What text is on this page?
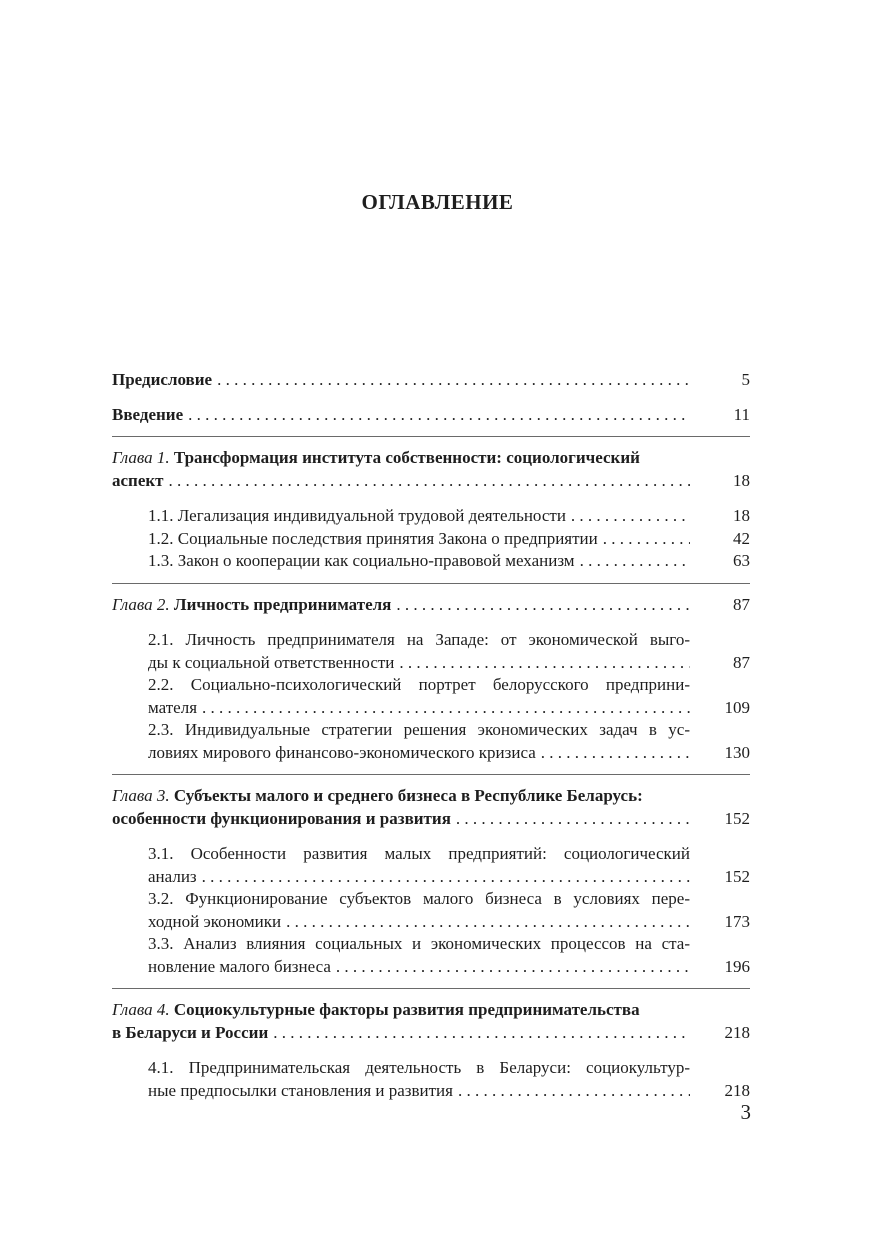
ОГЛАВЛЕНИЕ
Предисловие . . .	5
Введение . . .	11
Глава 1. Трансформация института собственности: социологический
аспект . . .	18
1.1. Легализация индивидуальной трудовой деятельности . . .	18
1.2. Социальные последствия принятия Закона о предприятии . . .	42
1.3. Закон о кооперации как социально-правовой механизм . . .	63
Глава 2. Личность предпринимателя . . .	87
2.1. Личность предпринимателя на Западе: от экономической выго-
ды к социальной ответственности . . .	87
2.2. Социально-психологический портрет белорусского предприни-
мателя . . .	109
2.3. Индивидуальные стратегии решения экономических задач в ус-
ловиях мирового финансово-экономического кризиса . . .	130
Глава 3. Субъекты малого и среднего бизнеса в Республике Беларусь:
особенности функционирования и развития . . .	152
3.1. Особенности развития малых предприятий: социологический
анализ . . .	152
3.2. Функционирование субъектов малого бизнеса в условиях пере-
ходной экономики . . .	173
3.3. Анализ влияния социальных и экономических процессов на ста-
новление малого бизнеса . . .	196
Глава 4. Социокультурные факторы развития предпринимательства
в Беларуси и России . . .	218
4.1. Предпринимательская деятельность в Беларуси: социокультур-
ные предпосылки становления и развития . . .	218
3
